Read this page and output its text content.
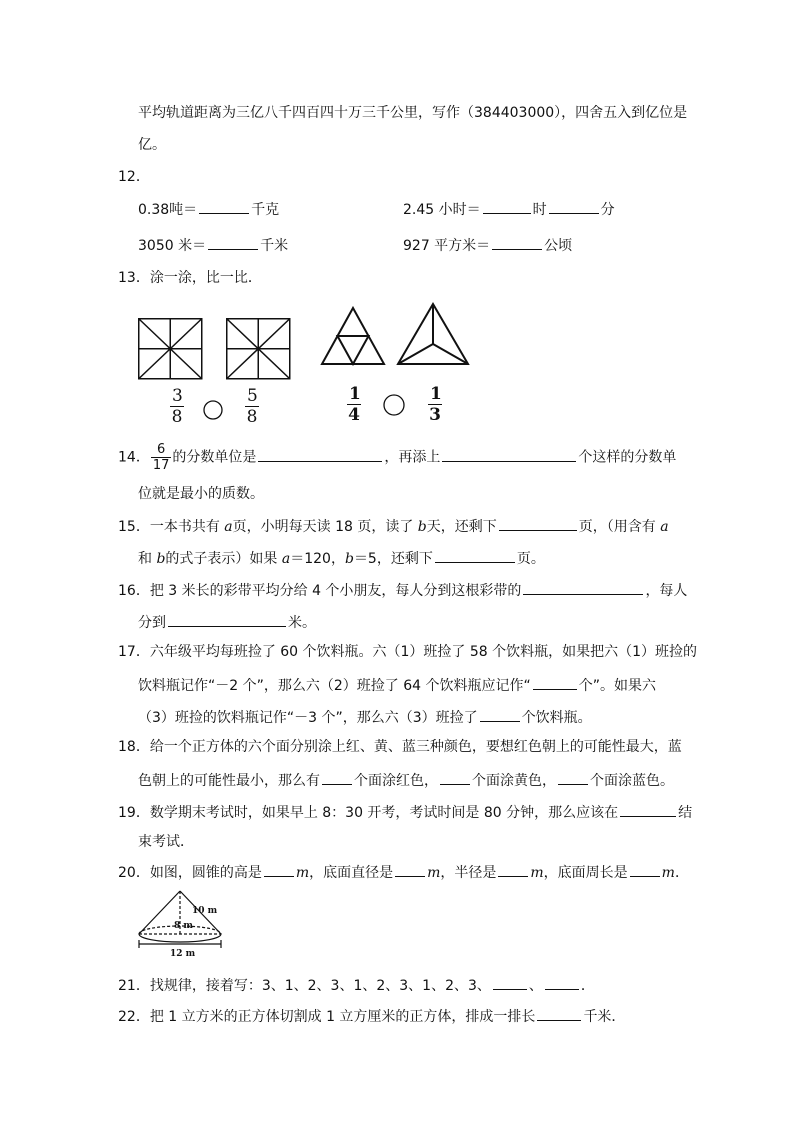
平均轨道距离为三亿八千四百四十万三千公里，写作（384403000），四舍五入到亿位是
亿。
12．
0.38吨＝	千克	2.45 小时＝	时	分
3050 米＝	千米	927 平方米＝	公顷
13．涂一涂，比一比．
$\frac{3}{8}$	$\frac{5}{8}$	$\frac{1}{4}$	$\frac{1}{3}$
14． $\frac{6}{17}$ 的分数单位是	，再添上	个这样的分数单
位就是最小的质数。
15．一本书共有 a页，小明每天读 18 页，读了 b天，还剩下	页，（用含有 a
和 b的式子表示）如果 a＝120，b＝5，还剩下	页。
16．把 3 米长的彩带平均分给 4 个小朋友，每人分到这根彩带的	，每人
分到	米。
17．六年级平均每班捡了 60 个饮料瓶。六（1）班捡了 58 个饮料瓶，如果把六（1）班捡的
饮料瓶记作“－2 个”，那么六（2）班捡了 64 个饮料瓶应记作“	个”。如果六
（3）班捡的饮料瓶记作“－3 个”，那么六（3）班捡了	个饮料瓶。
18．给一个正方体的六个面分别涂上红、黄、蓝三种颜色，要想红色朝上的可能性最大，蓝
色朝上的可能性最小，那么有 个面涂红色， 个面涂黄色， 个面涂蓝色。
19．数学期末考试时，如果早上 8：30 开考，考试时间是 80 分钟，那么应该在	结
束考试．
20．如图，圆锥的高是 m，底面直径是 m，半径是 m，底面周长是 m．
10 m
8 m
12 m
21．找规律，接着写：3、1、2、3、1、2、3、1、2、3、	、	．
22．把 1 立方米的正方体切割成 1 立方厘米的正方体，排成一排长	千米．
